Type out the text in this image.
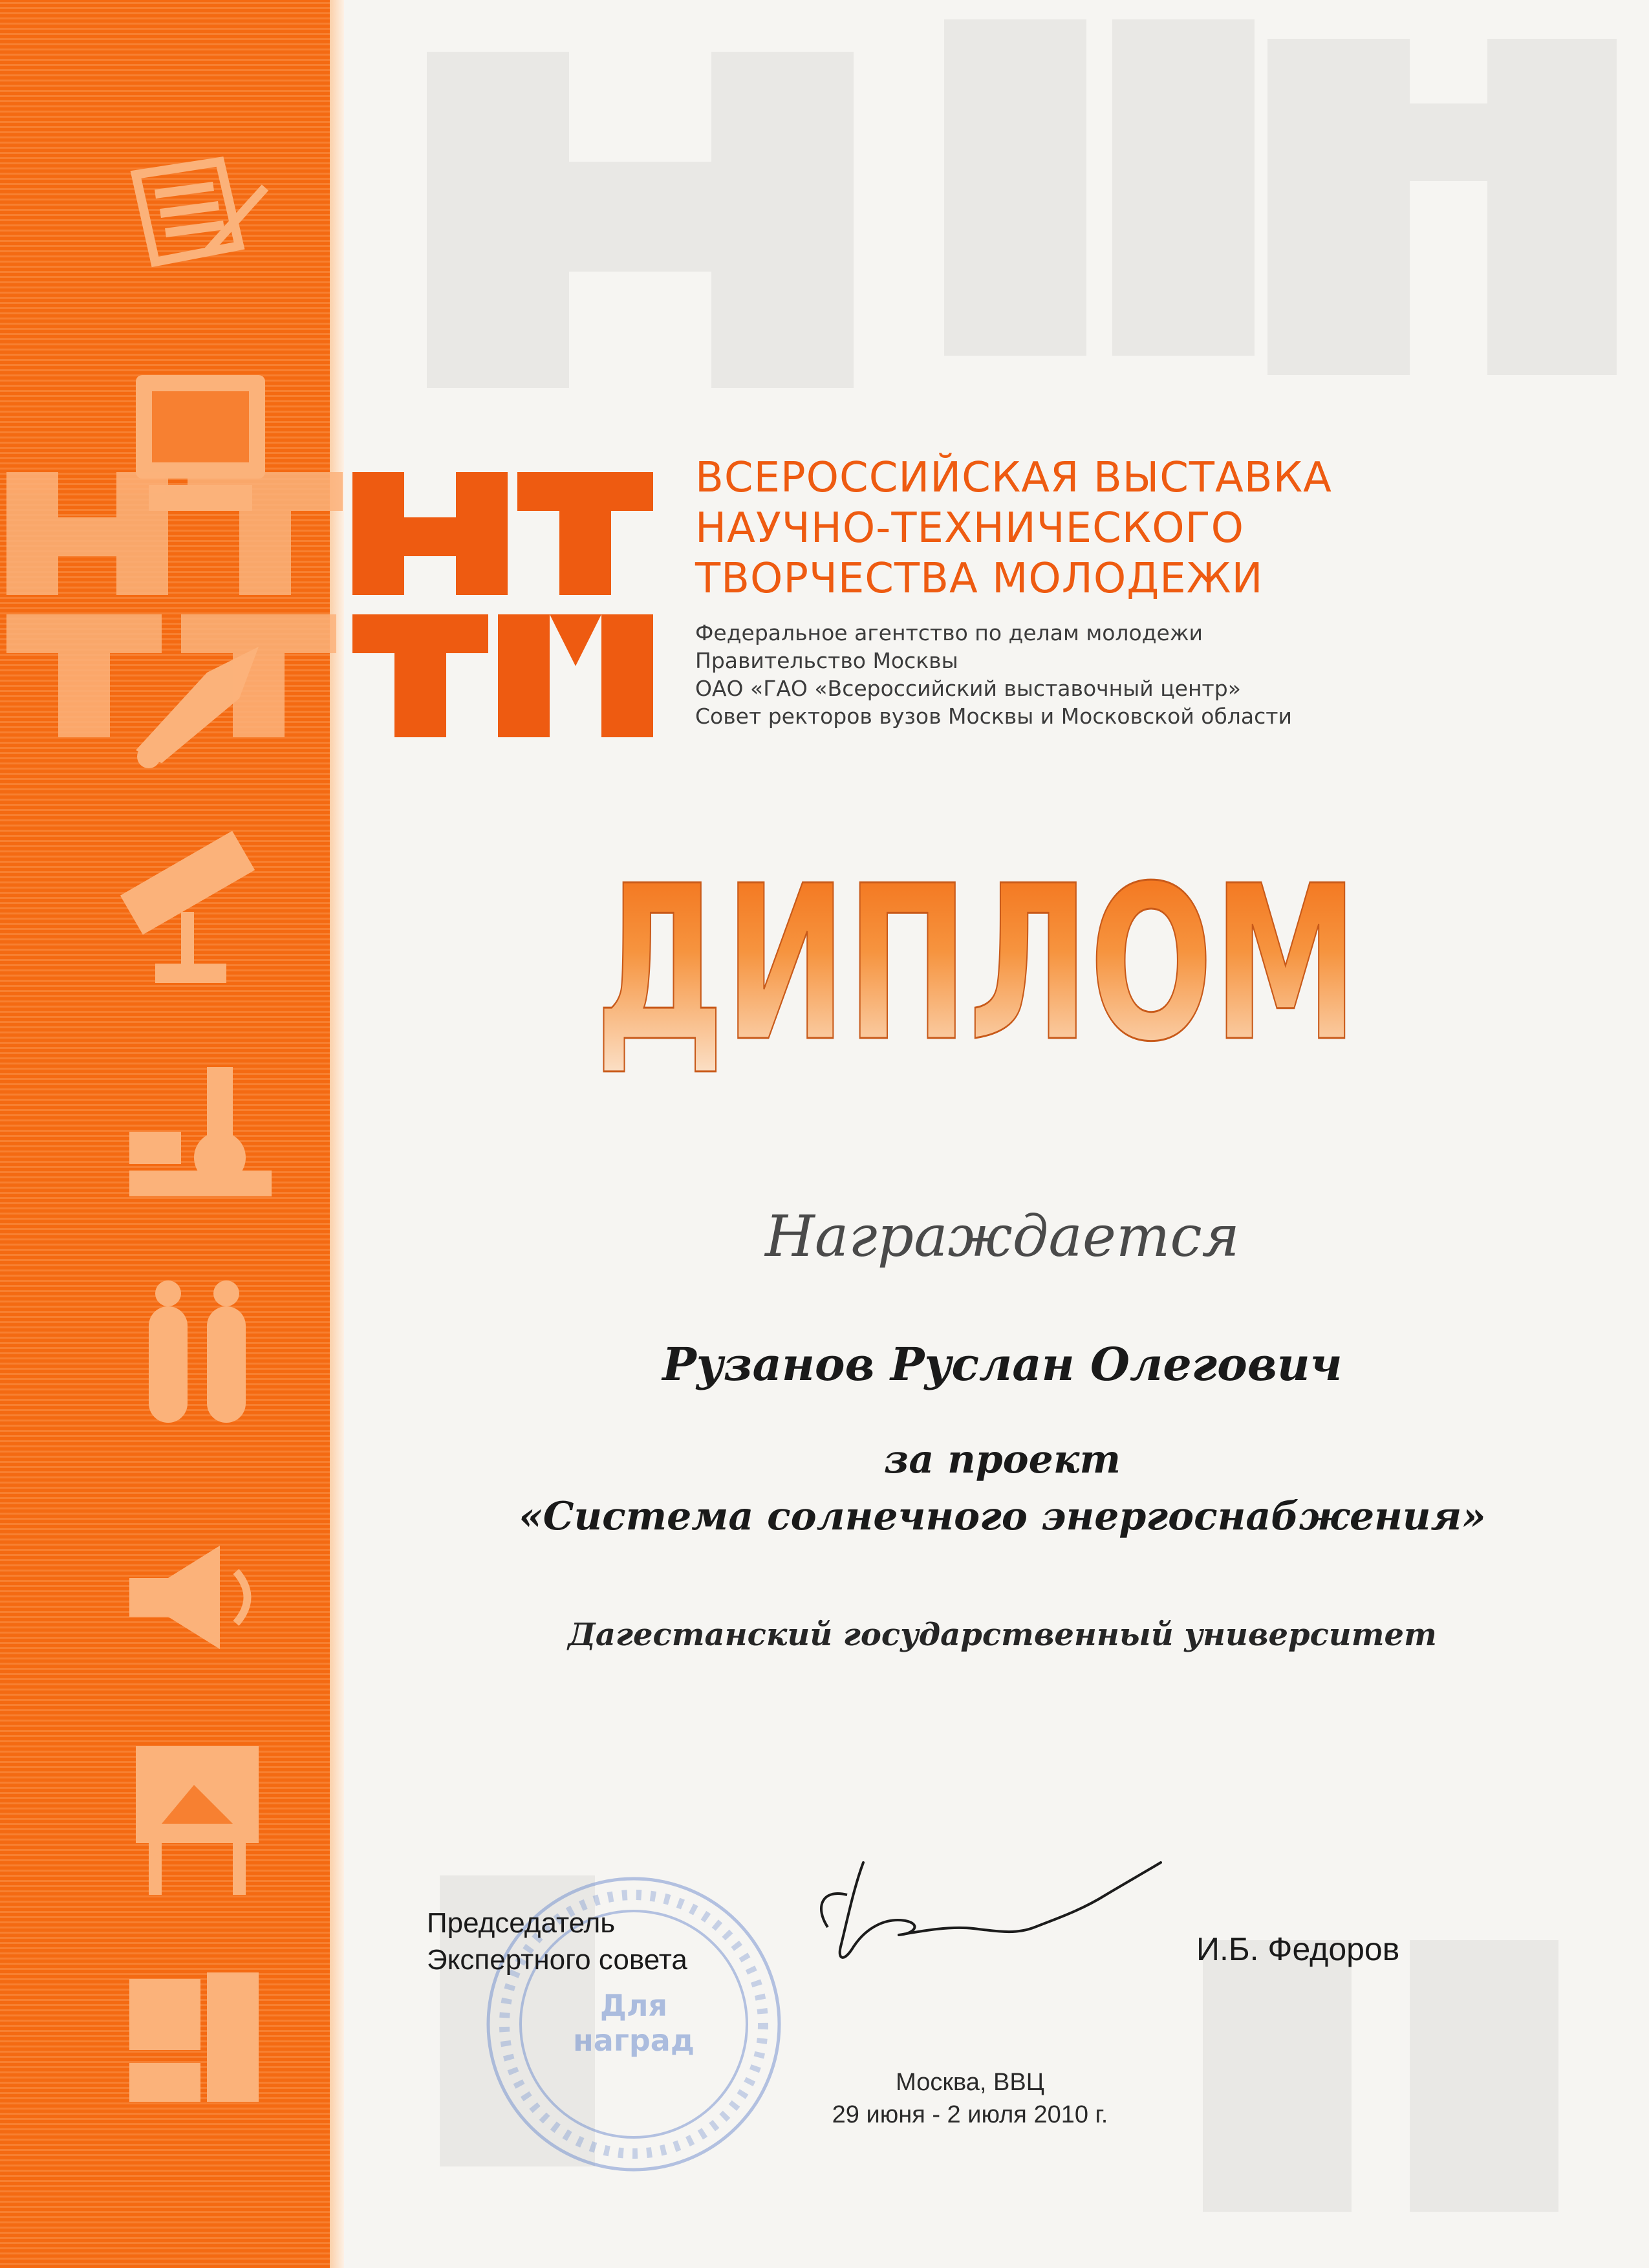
ВСЕРОССИЙСКАЯ ВЫСТАВКА
НАУЧНО-ТЕХНИЧЕСКОГО
ТВОРЧЕСТВА МОЛОДЕЖИ
Федеральное агентство по делам молодежи
Правительство Москвы
ОАО «ГАО «Всероссийский выставочный центр»
Совет ректоров вузов Москвы и Московской области
ДИПЛОМ
Награждается
Рузанов Руслан Олегович
за проект
«Система солнечного энергоснабжения»
Дагестанский государственный университет
Для
наград
Председатель
Экспертного совета	И.Б. Федоров
Москва, ВВЦ
29 июня - 2 июля 2010 г.
